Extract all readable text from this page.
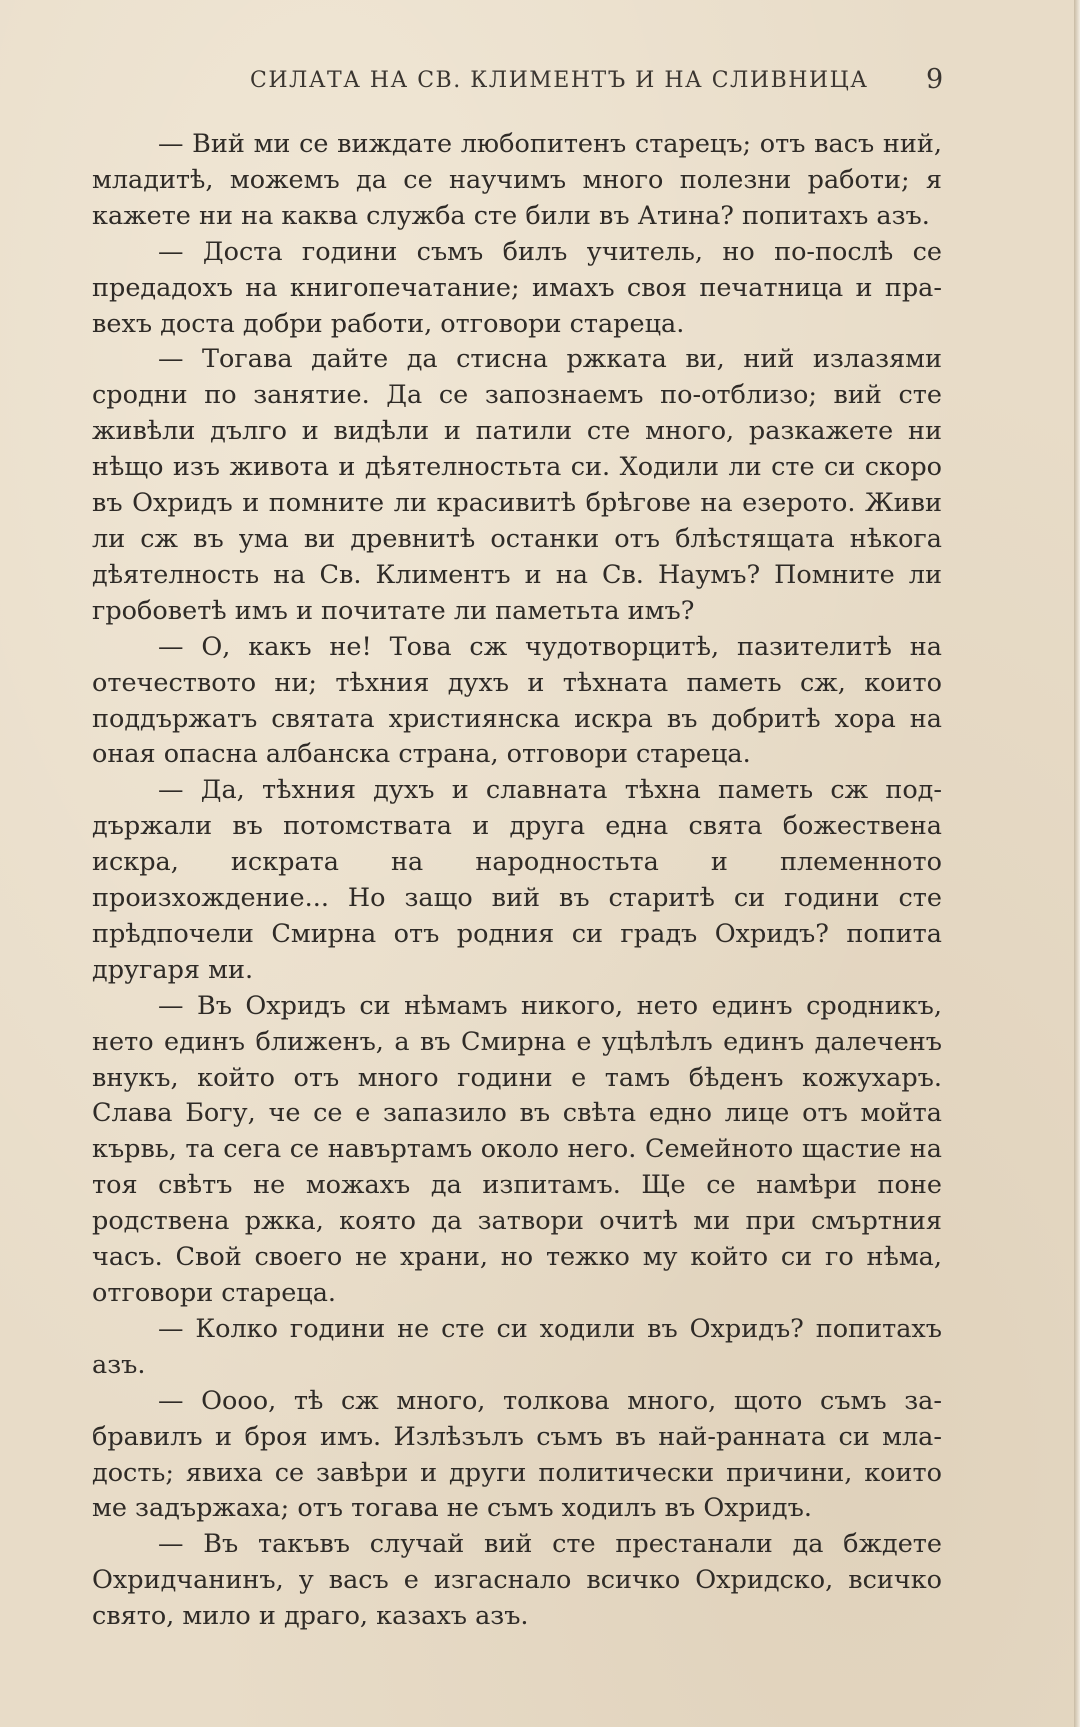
СИЛАТА НА СВ. КЛИМЕНТЪ И НА СЛИВНИЦА 9

— Вий ми се виждате любопитенъ старецъ; отъ васъ ний, младитѣ, можемъ да се научимъ много полезни работи; я кажете ни на каква служба сте били въ Атина? попитахъ азъ.

— Доста години съмъ билъ учитель, но по-послѣ се предадохъ на книгопечатание; имахъ своя печатница и правехъ доста добри работи, отговори стареца.

— Тогава дайте да стисна ржката ви, ний излазями сродни по занятие. Да се запознаемъ по-отблизо; вий сте живѣли дълго и видѣли и патили сте много, разкажете ни нѣщо изъ живота и дѣятелностьта си. Ходили ли сте си скоро въ Охридъ и помните ли красивитѣ брѣгове на езерото. Живи ли сж въ ума ви древнитѣ останки отъ блѣстящата нѣкога дѣятелность на Св. Климентъ и на Св. Наумъ? Помните ли гробоветѣ имъ и почитате ли паметьта имъ?

— О, какъ не! Това сж чудотворцитѣ, пазителитѣ на отечеството ни; тѣхния духъ и тѣхната паметь сж, които поддържатъ святата християнска искра въ добритѣ хора на оная опасна албанска страна, отговори стареца.

— Да, тѣхния духъ и славната тѣхна паметь сж поддържали въ потомствата и друга една свята божествена искра, искрата на народностьта и племенното произхождение... Но защо вий въ старитѣ си години сте прѣдпочели Смирна отъ родния си градъ Охридъ? попита другаря ми.

— Въ Охридъ си нѣмамъ никого, нето единъ сродникъ, нето единъ ближенъ, а въ Смирна е уцѣлѣлъ единъ далеченъ внукъ, който отъ много години е тамъ бѣденъ кожухаръ. Слава Богу, че се е запазило въ свѣта едно лице отъ мойта кървь, та сега се навъртамъ около него. Семейното щастие на тоя свѣтъ не можахъ да изпитамъ. Ще се намѣри поне родствена ржка, която да затвори очитѣ ми при смъртния часъ. Свой своего не храни, но тежко му който си го нѣма, отговори стареца.

— Колко години не сте си ходили въ Охридъ? попитахъ азъ.

— Оооо, тѣ сж много, толкова много, щото съмъ забравилъ и броя имъ. Излѣзълъ съмъ въ най-ранната си младость; явиха се завѣри и други политически причини, които ме задържаха; отъ тогава не съмъ ходилъ въ Охридъ.

— Въ такъвъ случай вий сте престанали да бждете Охридчанинъ, у васъ е изгаснало всичко Охридско, всичко свято, мило и драго, казахъ азъ.
